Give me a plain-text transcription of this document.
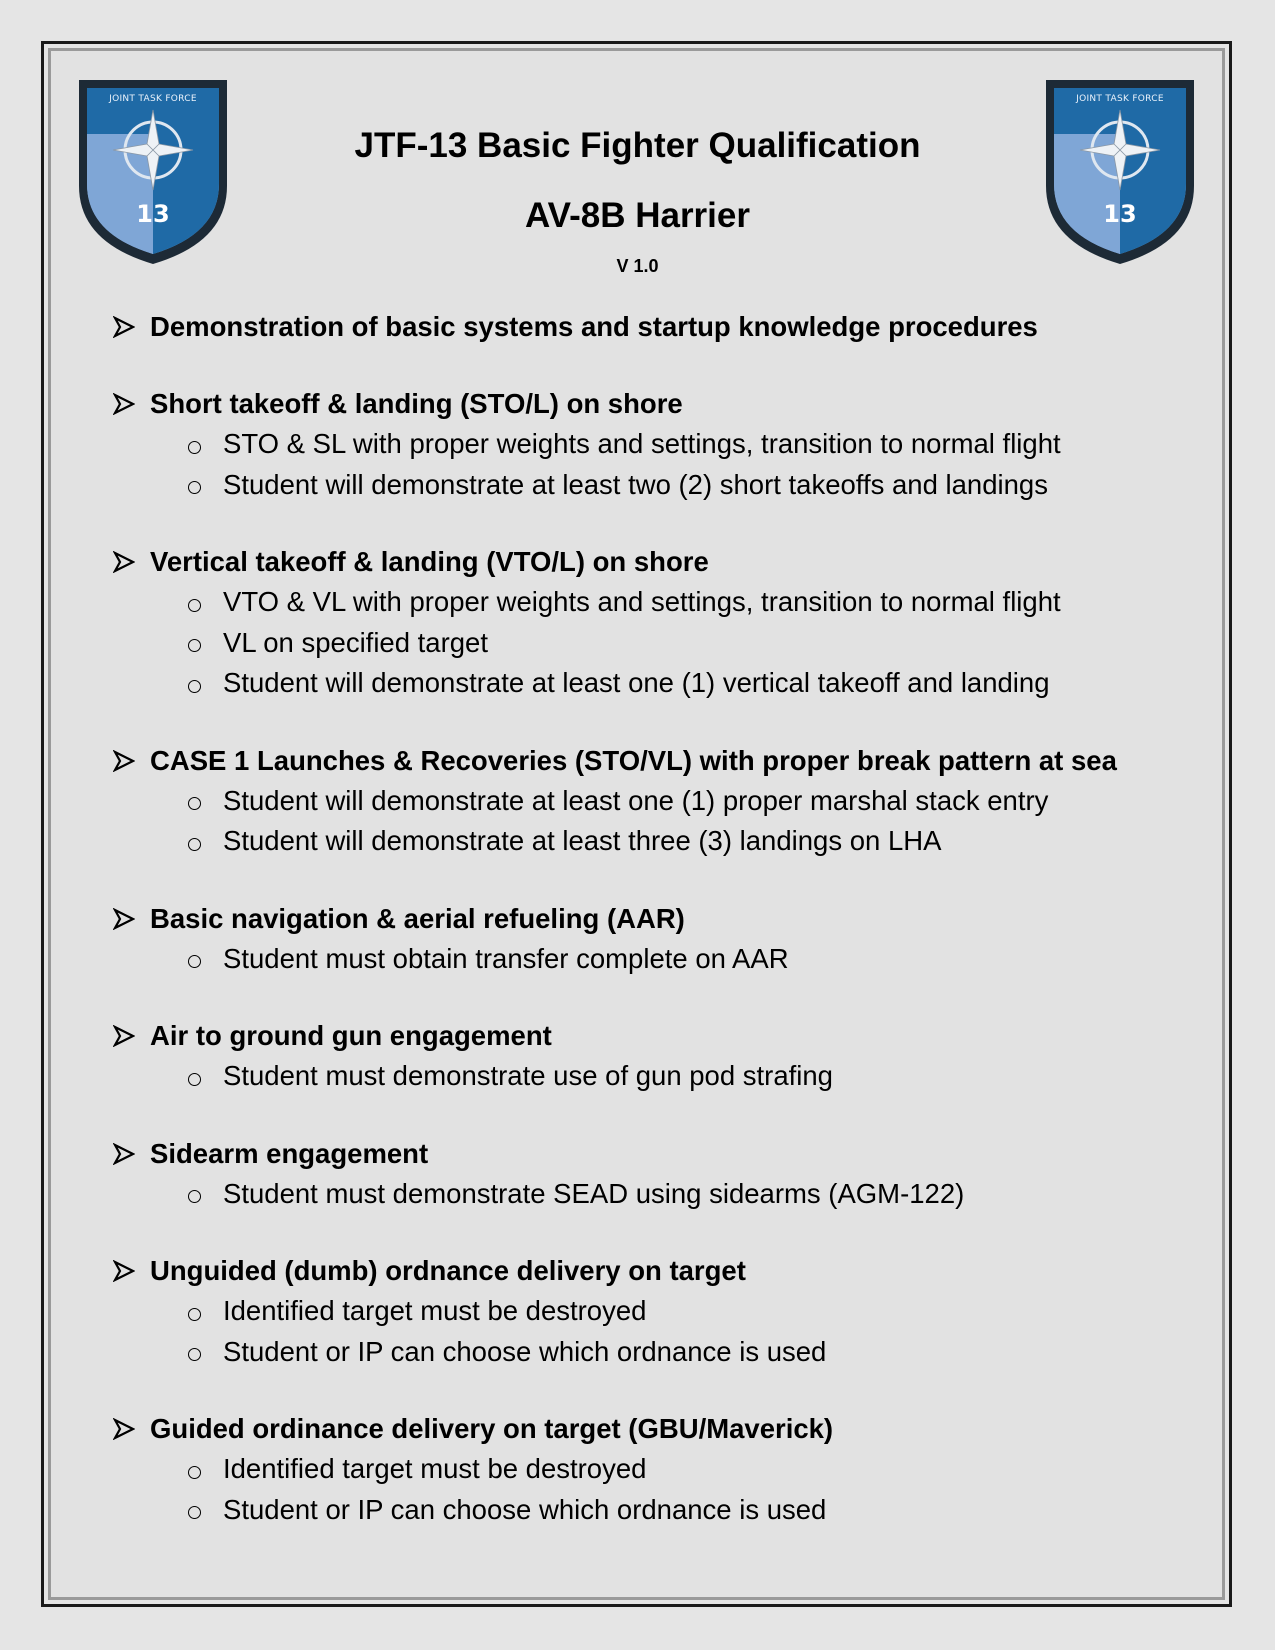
JOINT TASK FORCE
13
JOINT TASK FORCE
13
JTF-13 Basic Fighter Qualification
AV-8B Harrier
V 1.0
Demonstration of basic systems and startup knowledge procedures
Short takeoff & landing (STO/L) on shore
STO & SL with proper weights and settings, transition to normal flight
Student will demonstrate at least two (2) short takeoffs and landings
Vertical takeoff & landing (VTO/L) on shore
VTO & VL with proper weights and settings, transition to normal flight
VL on specified target
Student will demonstrate at least one (1) vertical takeoff and landing
CASE 1 Launches & Recoveries (STO/VL) with proper break pattern at sea
Student will demonstrate at least one (1) proper marshal stack entry
Student will demonstrate at least three (3) landings on LHA
Basic navigation & aerial refueling (AAR)
Student must obtain transfer complete on AAR
Air to ground gun engagement
Student must demonstrate use of gun pod strafing
Sidearm engagement
Student must demonstrate SEAD using sidearms (AGM-122)
Unguided (dumb) ordnance delivery on target
Identified target must be destroyed
Student or IP can choose which ordnance is used
Guided ordinance delivery on target (GBU/Maverick)
Identified target must be destroyed
Student or IP can choose which ordnance is used
